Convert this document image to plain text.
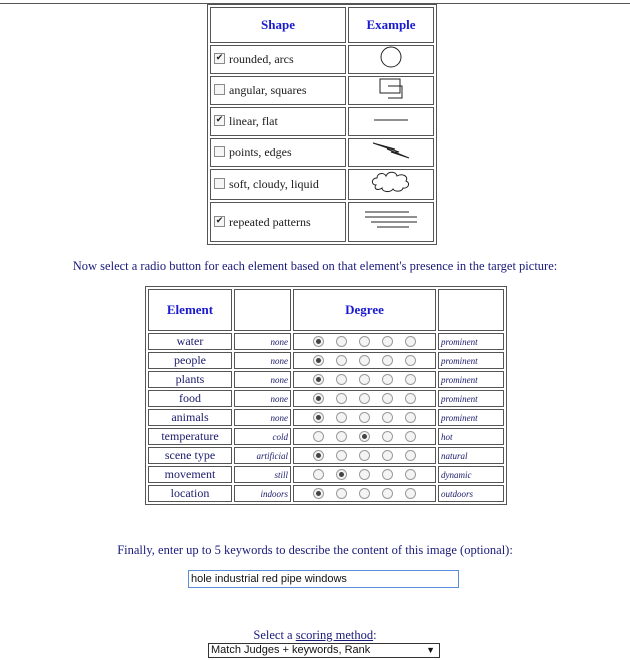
Shape	Example
✔rounded, arcs	
angular, squares	
✔linear, flat	
points, edges	
soft, cloudy, liquid	
✔repeated patterns	
Now select a radio button for each element based on that element's presence in the target picture:
Element		Degree	
water	none		prominent
people	none		prominent
plants	none		prominent
food	none		prominent
animals	none		prominent
temperature	cold		hot
scene type	artificial		natural
movement	still		dynamic
location	indoors		outdoors
Finally, enter up to 5 keywords to describe the content of this image (optional):
hole industrial red pipe windows
Select a scoring method:
Match Judges + keywords, Rank	▼
